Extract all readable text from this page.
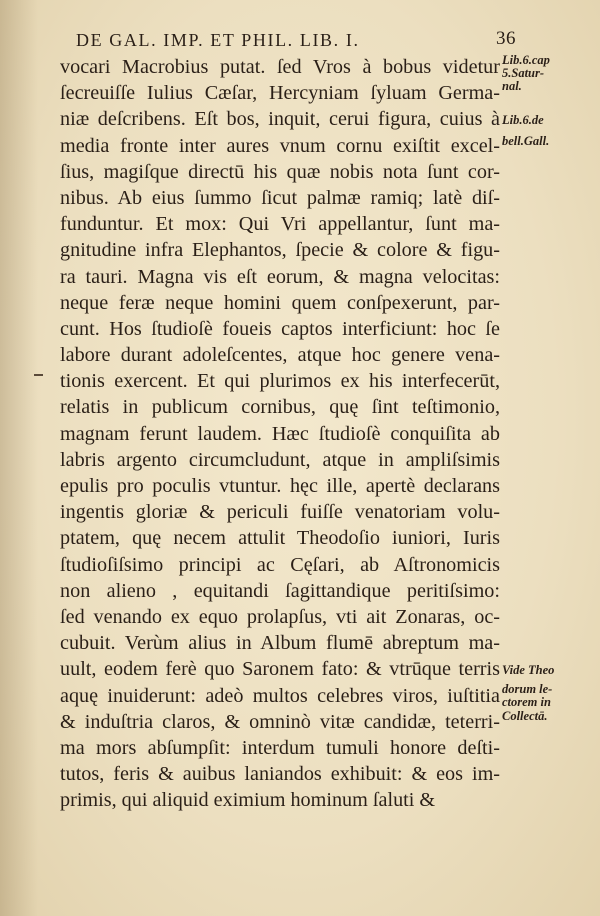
DE GAL. IMP. ET PHIL. LIB. I.	36
vocari Macrobius putat. ſed Vros à bobus videtur
ſecreuiſſe Iulius Cæſar, Hercyniam ſyluam Germa-
niæ deſcribens. Eſt bos, inquit, cerui figura, cuius à
media fronte inter aures vnum cornu exiſtit excel-
ſius, magiſque directū his quæ nobis nota ſunt cor-
nibus. Ab eius ſummo ſicut palmæ ramiq; latè diſ-
funduntur. Et mox: Qui Vri appellantur, ſunt ma-
gnitudine infra Elephantos, ſpecie & colore & figu-
ra tauri. Magna vis eſt eorum, & magna velocitas:
neque feræ neque homini quem conſpexerunt, par-
cunt. Hos ſtudioſè foueis captos interficiunt: hoc ſe
labore durant adoleſcentes, atque hoc genere vena-
tionis exercent. Et qui plurimos ex his interfecerūt,
relatis in publicum cornibus, quę ſint teſtimonio,
magnam ferunt laudem. Hæc ſtudioſè conquiſita ab
labris argento circumcludunt, atque in ampliſsimis
epulis pro poculis vtuntur. hęc ille, apertè declarans
ingentis gloriæ & periculi fuiſſe venatoriam volu-
ptatem, quę necem attulit Theodoſio iuniori, Iuris
ſtudioſiſsimo principi ac Cęſari, ab Aſtronomicis
non alieno , equitandi ſagittandique peritiſsimo:
ſed venando ex equo prolapſus, vti ait Zonaras, oc-
cubuit. Verùm alius in Album flumē abreptum ma-
uult, eodem ferè quo Saronem fato: & vtrūque terris
aquę inuiderunt: adeò multos celebres viros, iuſtitia
& induſtria claros, & omninò vitæ candidæ, teterri-
ma mors abſumpſit: interdum tumuli honore deſti-
tutos, feris & auibus laniandos exhibuit: & eos im-
primis, qui aliquid eximium hominum ſaluti &
Lib.6.cap
5.Satur-
nal.
Lib.6.de
bell.Gall.
Vide Theo
dorum le-
ctorem in
Collectā.
